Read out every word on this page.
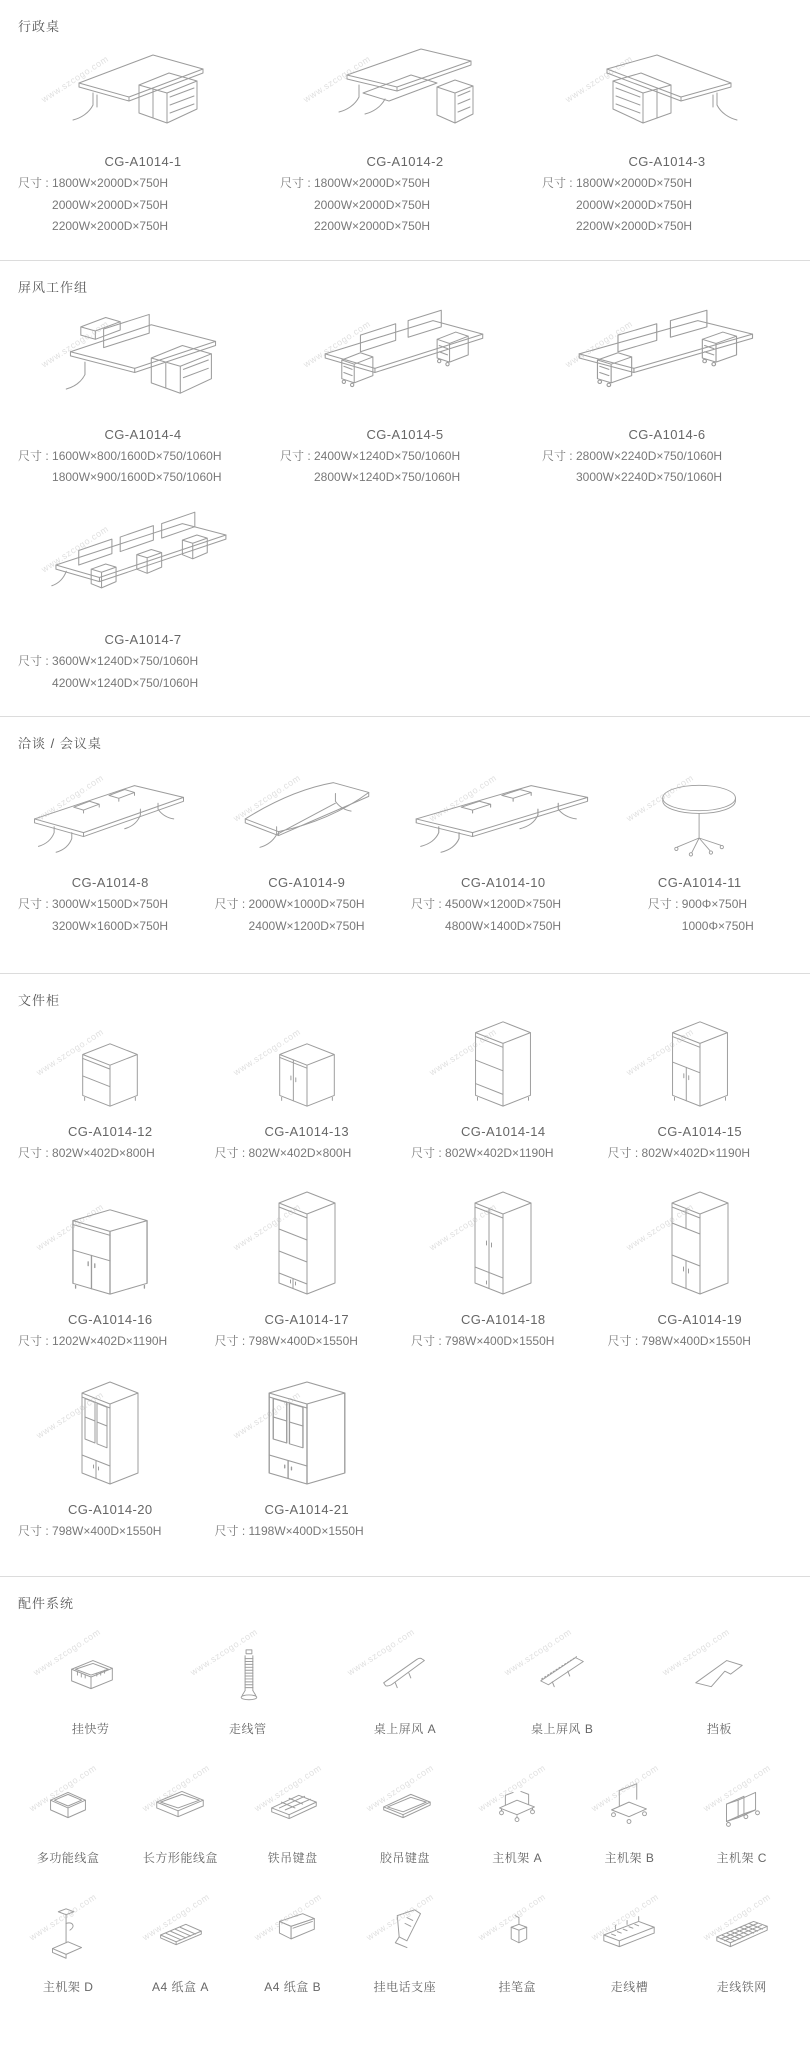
行政桌
www.szcogo.com
CG-A1014-1
尺寸 : 1800W×2000D×750H
2000W×2000D×750H
2200W×2000D×750H
www.szcogo.com
CG-A1014-2
尺寸 : 1800W×2000D×750H
2000W×2000D×750H
2200W×2000D×750H
www.szcogo.com
CG-A1014-3
尺寸 : 1800W×2000D×750H
2000W×2000D×750H
2200W×2000D×750H
屏风工作组
www.szcogo.com
CG-A1014-4
尺寸 : 1600W×800/1600D×750/1060H
1800W×900/1600D×750/1060H
www.szcogo.com
CG-A1014-5
尺寸 : 2400W×1240D×750/1060H
2800W×1240D×750/1060H
www.szcogo.com
CG-A1014-6
尺寸 : 2800W×2240D×750/1060H
3000W×2240D×750/1060H
www.szcogo.com
CG-A1014-7
尺寸 : 3600W×1240D×750/1060H
4200W×1240D×750/1060H
洽谈 / 会议桌
www.szcogo.com
CG-A1014-8
尺寸 : 3000W×1500D×750H
3200W×1600D×750H
www.szcogo.com
CG-A1014-9
尺寸 : 2000W×1000D×750H
2400W×1200D×750H
www.szcogo.com
CG-A1014-10
尺寸 : 4500W×1200D×750H
4800W×1400D×750H
www.szcogo.com
CG-A1014-11
尺寸 : 900Φ×750H
1000Φ×750H
文件柜
www.szcogo.com
CG-A1014-12
尺寸 : 802W×402D×800H
www.szcogo.com
CG-A1014-13
尺寸 : 802W×402D×800H
www.szcogo.com
CG-A1014-14
尺寸 : 802W×402D×1190H
www.szcogo.com
CG-A1014-15
尺寸 : 802W×402D×1190H
www.szcogo.com
CG-A1014-16
尺寸 : 1202W×402D×1190H
www.szcogo.com
CG-A1014-17
尺寸 : 798W×400D×1550H
www.szcogo.com
CG-A1014-18
尺寸 : 798W×400D×1550H
www.szcogo.com
CG-A1014-19
尺寸 : 798W×400D×1550H
www.szcogo.com
CG-A1014-20
尺寸 : 798W×400D×1550H
www.szcogo.com
CG-A1014-21
尺寸 : 1198W×400D×1550H
配件系统
www.szcogo.com
挂快劳
www.szcogo.com
走线管
www.szcogo.com
桌上屏风 A
www.szcogo.com
桌上屏风 B
www.szcogo.com
挡板
www.szcogo.com
多功能线盒
www.szcogo.com
长方形能线盒
www.szcogo.com
铁吊键盘
www.szcogo.com
胶吊键盘
www.szcogo.com
主机架 A
www.szcogo.com
主机架 B
www.szcogo.com
主机架 C
www.szcogo.com
主机架 D
www.szcogo.com
A4 纸盒 A
www.szcogo.com
A4 纸盒 B
www.szcogo.com
挂电话支座
www.szcogo.com
挂笔盒
www.szcogo.com
走线槽
www.szcogo.com
走线铁网
